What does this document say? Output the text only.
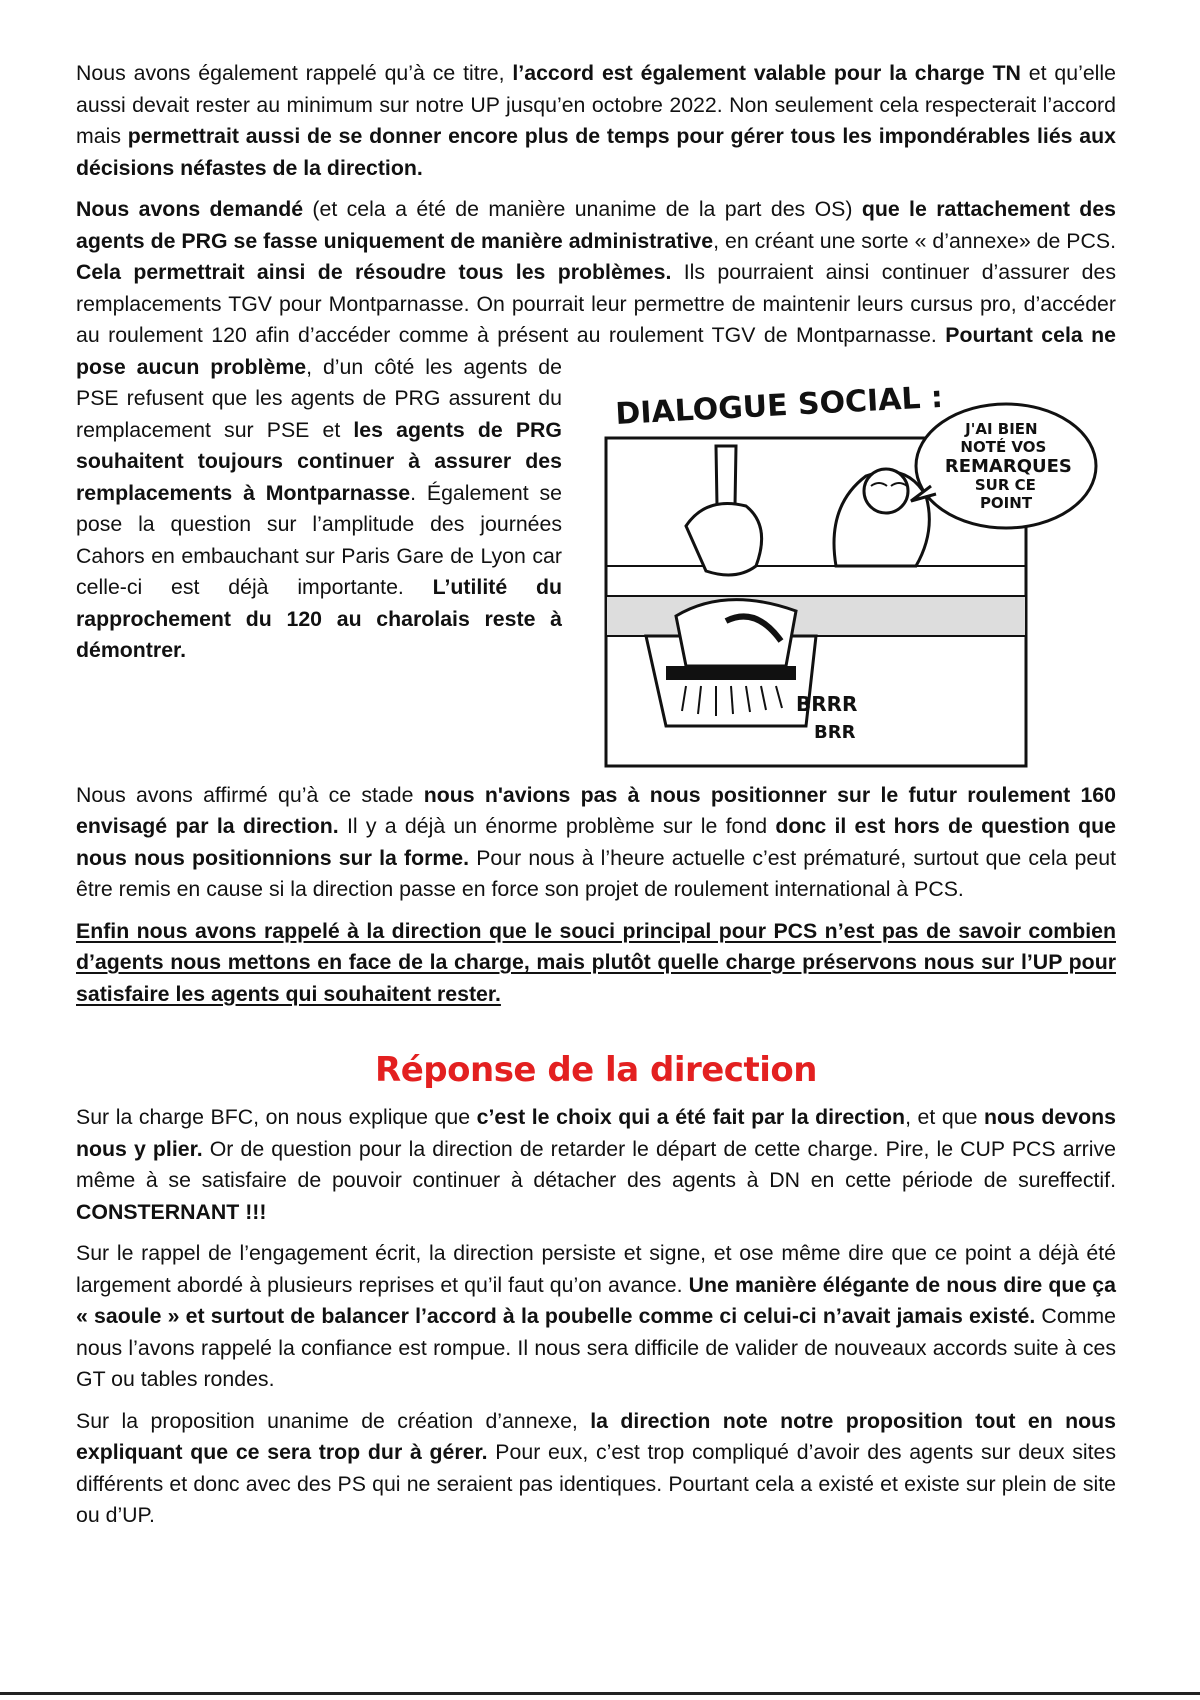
Nous avons également rappelé qu’à ce titre, l’accord est également valable pour la charge TN et qu’elle aussi devait rester au minimum sur notre UP jusqu’en octobre 2022. Non seulement cela respecterait l’accord mais permettrait aussi de se donner encore plus de temps pour gérer tous les impondérables liés aux décisions néfastes de la direction.

Nous avons demandé (et cela a été de manière unanime de la part des OS) que le rattachement des agents de PRG se fasse uniquement de manière administrative, en créant une sorte « d’annexe» de PCS. Cela permettrait ainsi de résoudre tous les problèmes. Ils pourraient ainsi continuer d’assurer des remplacements TGV pour Montparnasse. On pourrait leur permettre de maintenir leurs cursus pro, d’accéder au roulement 120 afin d’accéder comme à présent au roulement TGV de Montparnasse.
DIALOGUE SOCIAL :	J'AI BIEN NOTÉ VOS REMARQUES SUR CE POINT
BRRR
BRR
Pourtant cela ne pose aucun problème, d’un côté les agents de PSE refusent que les agents de PRG assurent du remplacement sur PSE et les agents de PRG souhaitent toujours continuer à assurer des remplacements à Montparnasse. Également se pose la question sur l’amplitude des journées Cahors en embauchant sur Paris Gare de Lyon car celle-ci est déjà importante. L’utilité du rapprochement du 120 au charolais reste à démontrer.

Nous avons affirmé qu’à ce stade nous n'avions pas à nous positionner sur le futur roulement 160 envisagé par la direction. Il y a déjà un énorme problème sur le fond donc il est hors de question que nous nous positionnions sur la forme. Pour nous à l’heure actuelle c’est prématuré, surtout que cela peut être remis en cause si la direction passe en force son projet de roulement international à PCS.

Enfin nous avons rappelé à la direction que le souci principal pour PCS n’est pas de savoir combien d’agents nous mettons en face de la charge, mais plutôt quelle charge préservons nous sur l’UP pour satisfaire les agents qui souhaitent rester.

Réponse de la direction

Sur la charge BFC, on nous explique que c’est le choix qui a été fait par la direction, et que nous devons nous y plier. Or de question pour la direction de retarder le départ de cette charge. Pire, le CUP PCS arrive même à se satisfaire de pouvoir continuer à détacher des agents à DN en cette période de sureffectif. CONSTERNANT !!!

Sur le rappel de l’engagement écrit, la direction persiste et signe, et ose même dire que ce point a déjà été largement abordé à plusieurs reprises et qu’il faut qu’on avance. Une manière élégante de nous dire que ça « saoule » et surtout de balancer l’accord à la poubelle comme ci celui-ci n’avait jamais existé. Comme nous l’avons rappelé la confiance est rompue. Il nous sera difficile de valider de nouveaux accords suite à ces GT ou tables rondes.

Sur la proposition unanime de création d’annexe, la direction note notre proposition tout en nous expliquant que ce sera trop dur à gérer. Pour eux, c’est trop compliqué d’avoir des agents sur deux sites différents et donc avec des PS qui ne seraient pas identiques. Pourtant cela a existé et existe sur plein de site ou d’UP.
